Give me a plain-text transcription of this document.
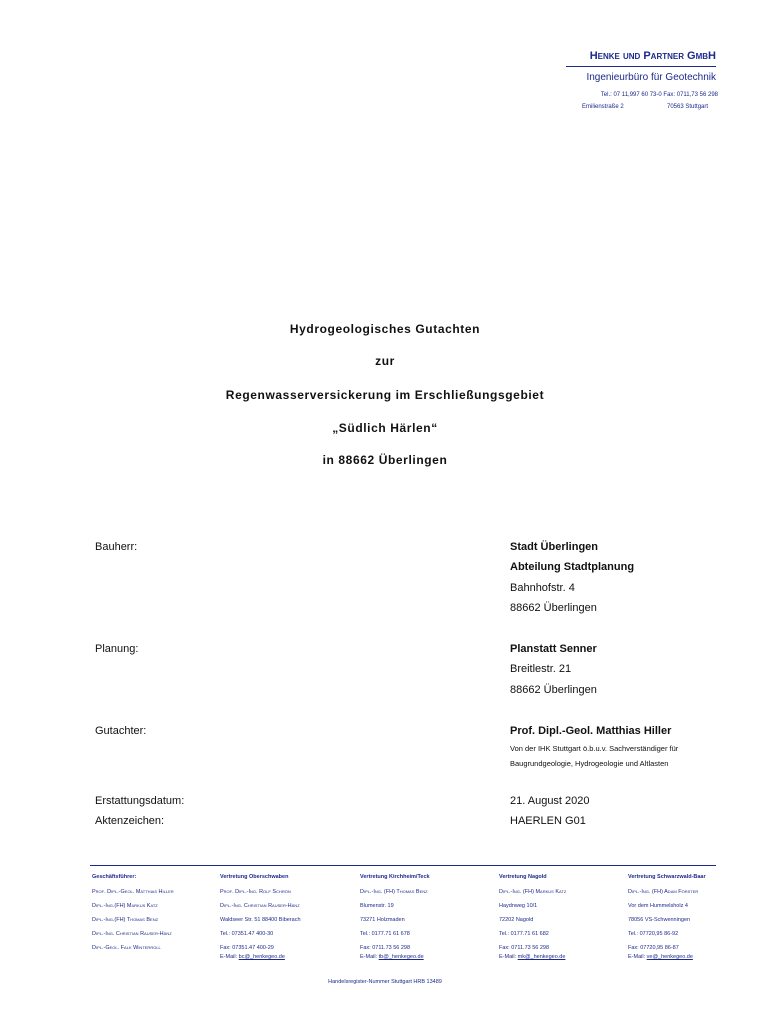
Henke und Partner GmbH
Ingenieurbüro für Geotechnik
Tel.: 07 11,997 60 73-0 Fax: 0711,73 56 298
Emilienstraße 2	70563 Stuttgart
Hydrogeologisches Gutachten
zur
Regenwasserversickerung im Erschließungsgebiet
„Südlich Härlen“
in 88662 Überlingen
Bauherr:	Stadt Überlingen
Abteilung Stadtplanung
Bahnhofstr. 4
88662 Überlingen
Planung:	Planstatt Senner
Breitlestr. 21
88662 Überlingen
Gutachter:	Prof. Dipl.-Geol. Matthias Hiller
Von der IHK Stuttgart ö.b.u.v. Sachverständiger für
Baugrundgeologie, Hydrogeologie und Altlasten
Erstattungsdatum:	21. August 2020
Aktenzeichen:	HAERLEN G01
Geschäftsführer:
Prof. Dipl.-Geol. Matthias Hiller
Dipl.-Ing.(FH) Markus Katz
Dipl.-Ing.(FH) Thomas Benz
Dipl.-Ing. Christian Rauser-Hänz
Dipl.-Geol. Falk Winterroll
Vertretung Oberschwaben
Prof. Dipl.-Ing. Rolf Schrön
Dipl.-Ing. Christian Rauser-Hänz
Waldseer Str. 51 88400 Biberach
Tel.: 07351.47 400-30
Fax: 07351.47 400-29
E-Mail: bc@_henkegeo.de
Vertretung Kirchheim/Teck
Dipl.-Ing. (FH) Thomas Benz
Blumenstr. 19
73271 Holzmaden
Tel.: 0177.71 61 678
Fax: 0711.73 56 298
E-Mail: tb@_henkegeo.de
Vertretung Nagold
Dipl.-Ing. (FH) Markus Katz
Haydnweg 10/1
72202 Nagold
Tel.: 0177.71 61 682
Fax: 0711.73 56 298
E-Mail: mk@_henkegeo.de
Vertretung Schwarzwald-Baar
Dipl.-Ing. (FH) Adam Förster
Vor dem Hummelsholz 4
78056 VS-Schwenningen
Tel.: 07720,95 86-92
Fax: 07720,95 86-87
E-Mail: ve@_henkegeo.de
Handelsregister-Nummer Stuttgart HRB 13489
